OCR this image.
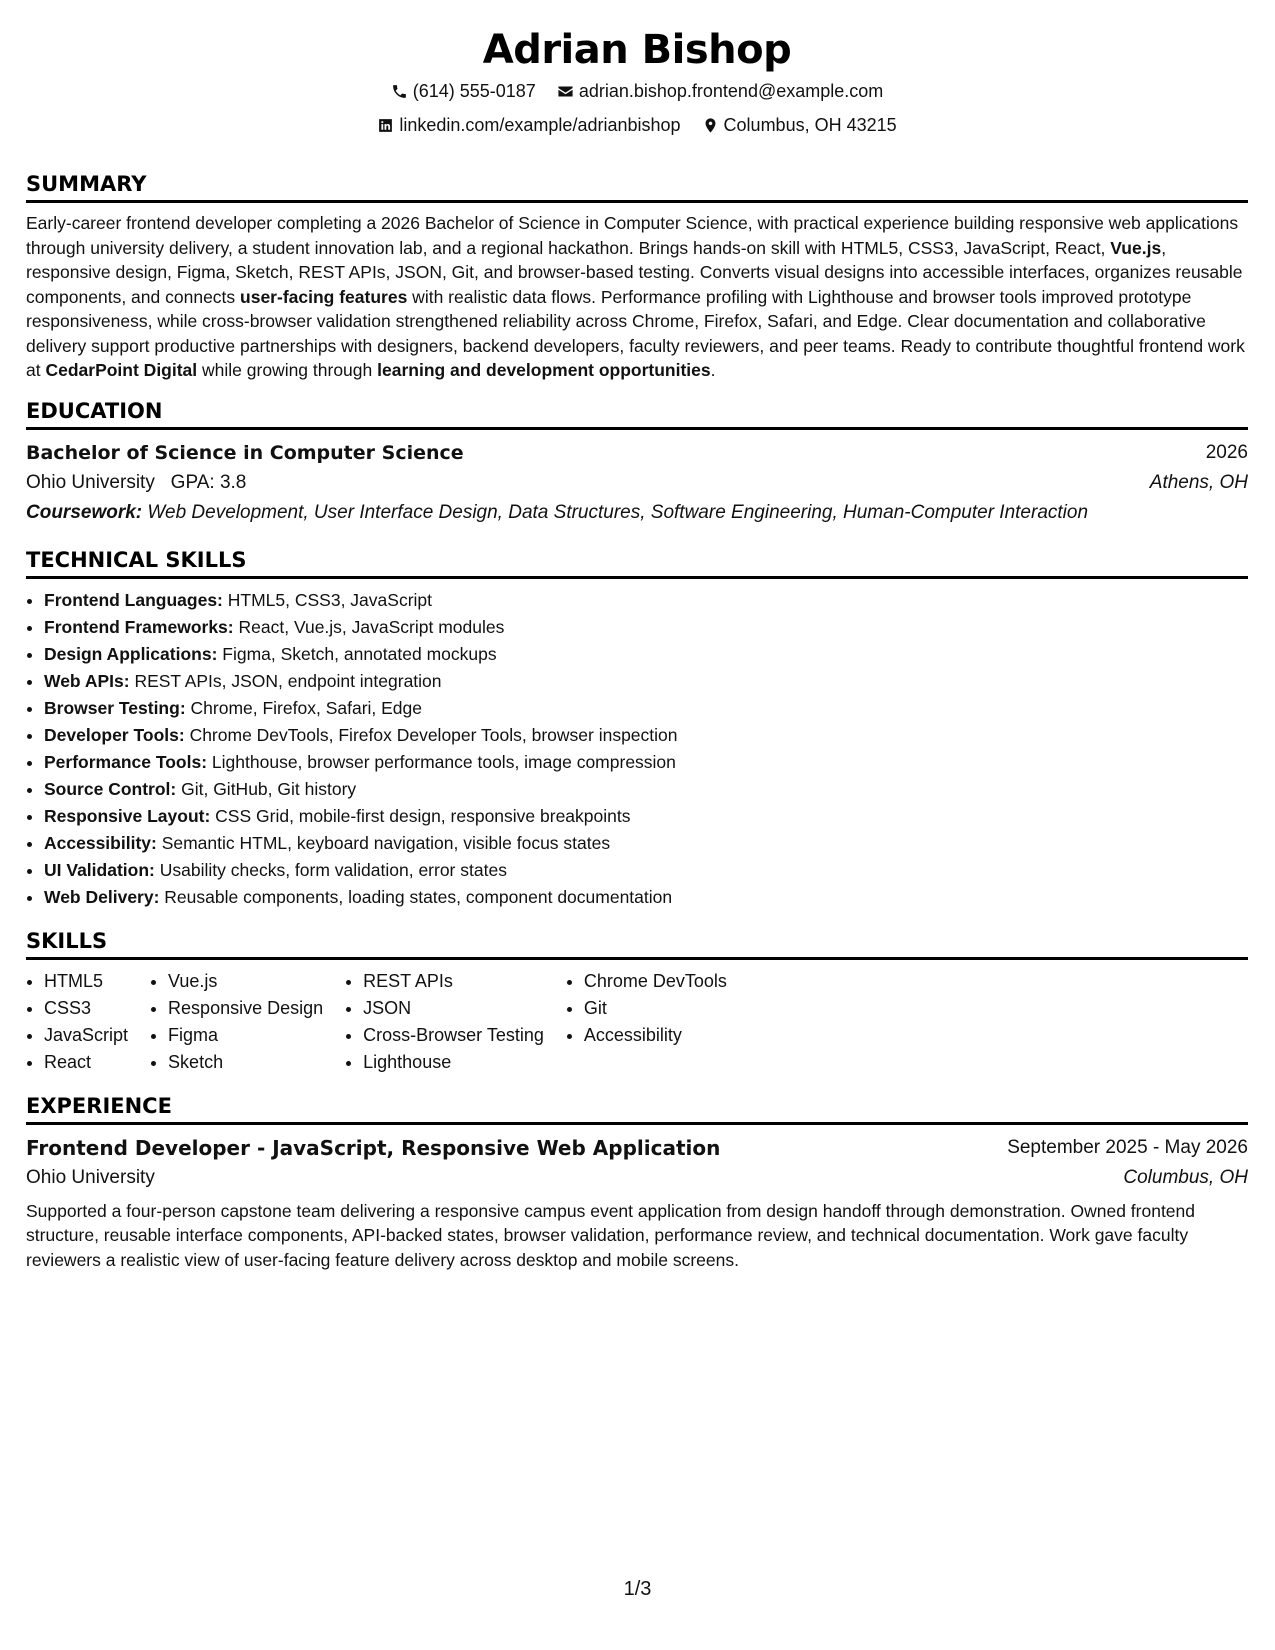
Adrian Bishop
(614) 555-0187
adrian.bishop.frontend@example.com
linkedin.com/example/adrianbishop
Columbus, OH 43215
SUMMARY

Early-career frontend developer completing a 2026 Bachelor of Science in Computer Science, with practical experience building responsive web applications through university delivery, a student innovation lab, and a regional hackathon. Brings hands-on skill with HTML5, CSS3, JavaScript, React, Vue.js, responsive design, Figma, Sketch, REST APIs, JSON, Git, and browser-based testing. Converts visual designs into accessible interfaces, organizes reusable components, and connects user-facing features with realistic data flows. Performance profiling with Lighthouse and browser tools improved prototype responsiveness, while cross-browser validation strengthened reliability across Chrome, Firefox, Safari, and Edge. Clear documentation and collaborative delivery support productive partnerships with designers, backend developers, faculty reviewers, and peer teams. Ready to contribute thoughtful frontend work at CedarPoint Digital while growing through learning and development opportunities.

EDUCATION
Bachelor of Science in Computer Science	2026
Ohio University GPA: 3.8	Athens, OH
Coursework: Web Development, User Interface Design, Data Structures, Software Engineering, Human-Computer Interaction
TECHNICAL SKILLS
• Frontend Languages: HTML5, CSS3, JavaScript
• Frontend Frameworks: React, Vue.js, JavaScript modules
• Design Applications: Figma, Sketch, annotated mockups
• Web APIs: REST APIs, JSON, endpoint integration
• Browser Testing: Chrome, Firefox, Safari, Edge
• Developer Tools: Chrome DevTools, Firefox Developer Tools, browser inspection
• Performance Tools: Lighthouse, browser performance tools, image compression
• Source Control: Git, GitHub, Git history
• Responsive Layout: CSS Grid, mobile-first design, responsive breakpoints
• Accessibility: Semantic HTML, keyboard navigation, visible focus states
• UI Validation: Usability checks, form validation, error states
• Web Delivery: Reusable components, loading states, component documentation
SKILLS
• HTML5
• CSS3
• JavaScript
• React
• Vue.js
• Responsive Design
• Figma
• Sketch
• REST APIs
• JSON
• Cross-Browser Testing
• Lighthouse
• Chrome DevTools
• Git
• Accessibility
EXPERIENCE
Frontend Developer - JavaScript, Responsive Web Application	September 2025 - May 2026
Ohio University	Columbus, OH

Supported a four-person capstone team delivering a responsive campus event application from design handoff through demonstration. Owned frontend structure, reusable interface components, API-backed states, browser validation, performance review, and technical documentation. Work gave faculty reviewers a realistic view of user-facing feature delivery across desktop and mobile screens.

1/3
